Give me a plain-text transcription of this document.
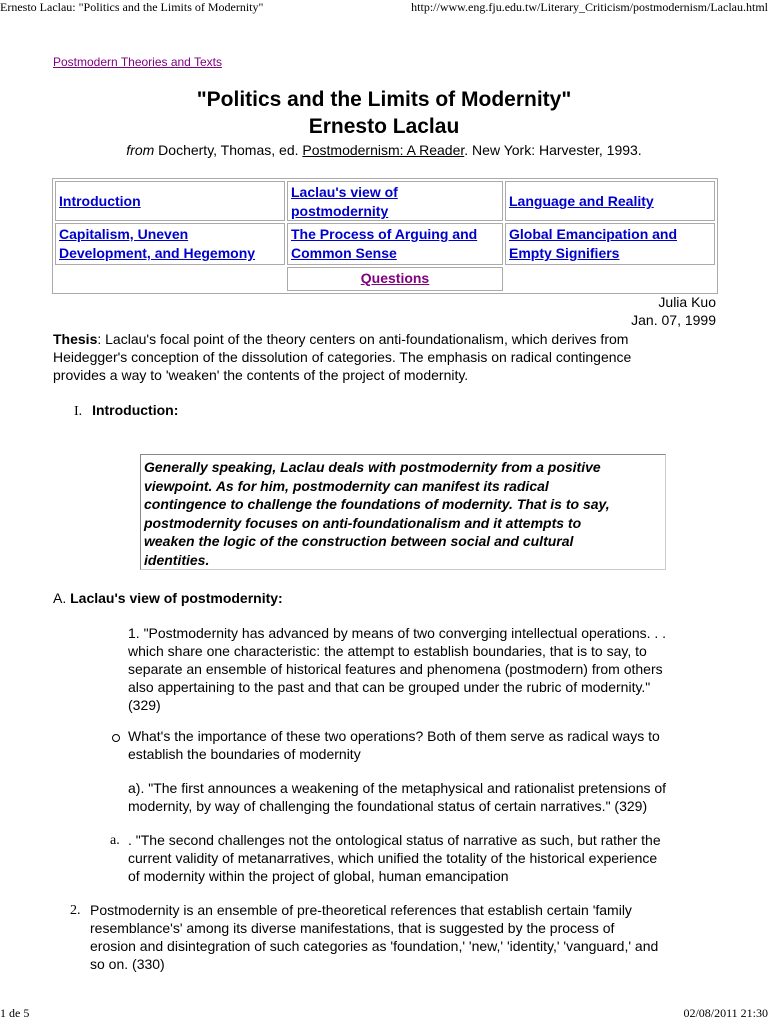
Ernesto Laclau: "Politics and the Limits of Modernity"	http://www.eng.fju.edu.tw/Literary_Criticism/postmodernism/Laclau.html
Postmodern Theories and Texts
"Politics and the Limits of Modernity"
Ernesto Laclau
from Docherty, Thomas, ed. Postmodernism: A Reader. New York: Harvester, 1993.
Introduction
Laclau's view of
postmodernity
Language and Reality
Capitalism, Uneven
Development, and Hegemony
The Process of Arguing and
Common Sense
Global Emancipation and
Empty Signifiers
Questions
Julia Kuo
Jan. 07, 1999
Thesis: Laclau's focal point of the theory centers on anti-foundationalism, which derives from
Heidegger's conception of the dissolution of categories. The emphasis on radical contingence
provides a way to 'weaken' the contents of the project of modernity.
I. Introduction:
Generally speaking, Laclau deals with postmodernity from a positive
viewpoint. As for him, postmodernity can manifest its radical
contingence to challenge the foundations of modernity. That is to say,
postmodernity focuses on anti-foundationalism and it attempts to
weaken the logic of the construction between social and cultural
identities.
A. Laclau's view of postmodernity:
1. "Postmodernity has advanced by means of two converging intellectual operations. . .
which share one characteristic: the attempt to establish boundaries, that is to say, to
separate an ensemble of historical features and phenomena (postmodern) from others
also appertaining to the past and that can be grouped under the rubric of modernity."
(329)
What's the importance of these two operations? Both of them serve as radical ways to
establish the boundaries of modernity
a). "The first announces a weakening of the metaphysical and rationalist pretensions of
modernity, by way of challenging the foundational status of certain narratives." (329)
a. . "The second challenges not the ontological status of narrative as such, but rather the
current validity of metanarratives, which unified the totality of the historical experience
of modernity within the project of global, human emancipation
2. Postmodernity is an ensemble of pre-theoretical references that establish certain 'family
resemblance's' among its diverse manifestations, that is suggested by the process of
erosion and disintegration of such categories as 'foundation,' 'new,' 'identity,' 'vanguard,' and
so on. (330)
1 de 5	02/08/2011 21:30
